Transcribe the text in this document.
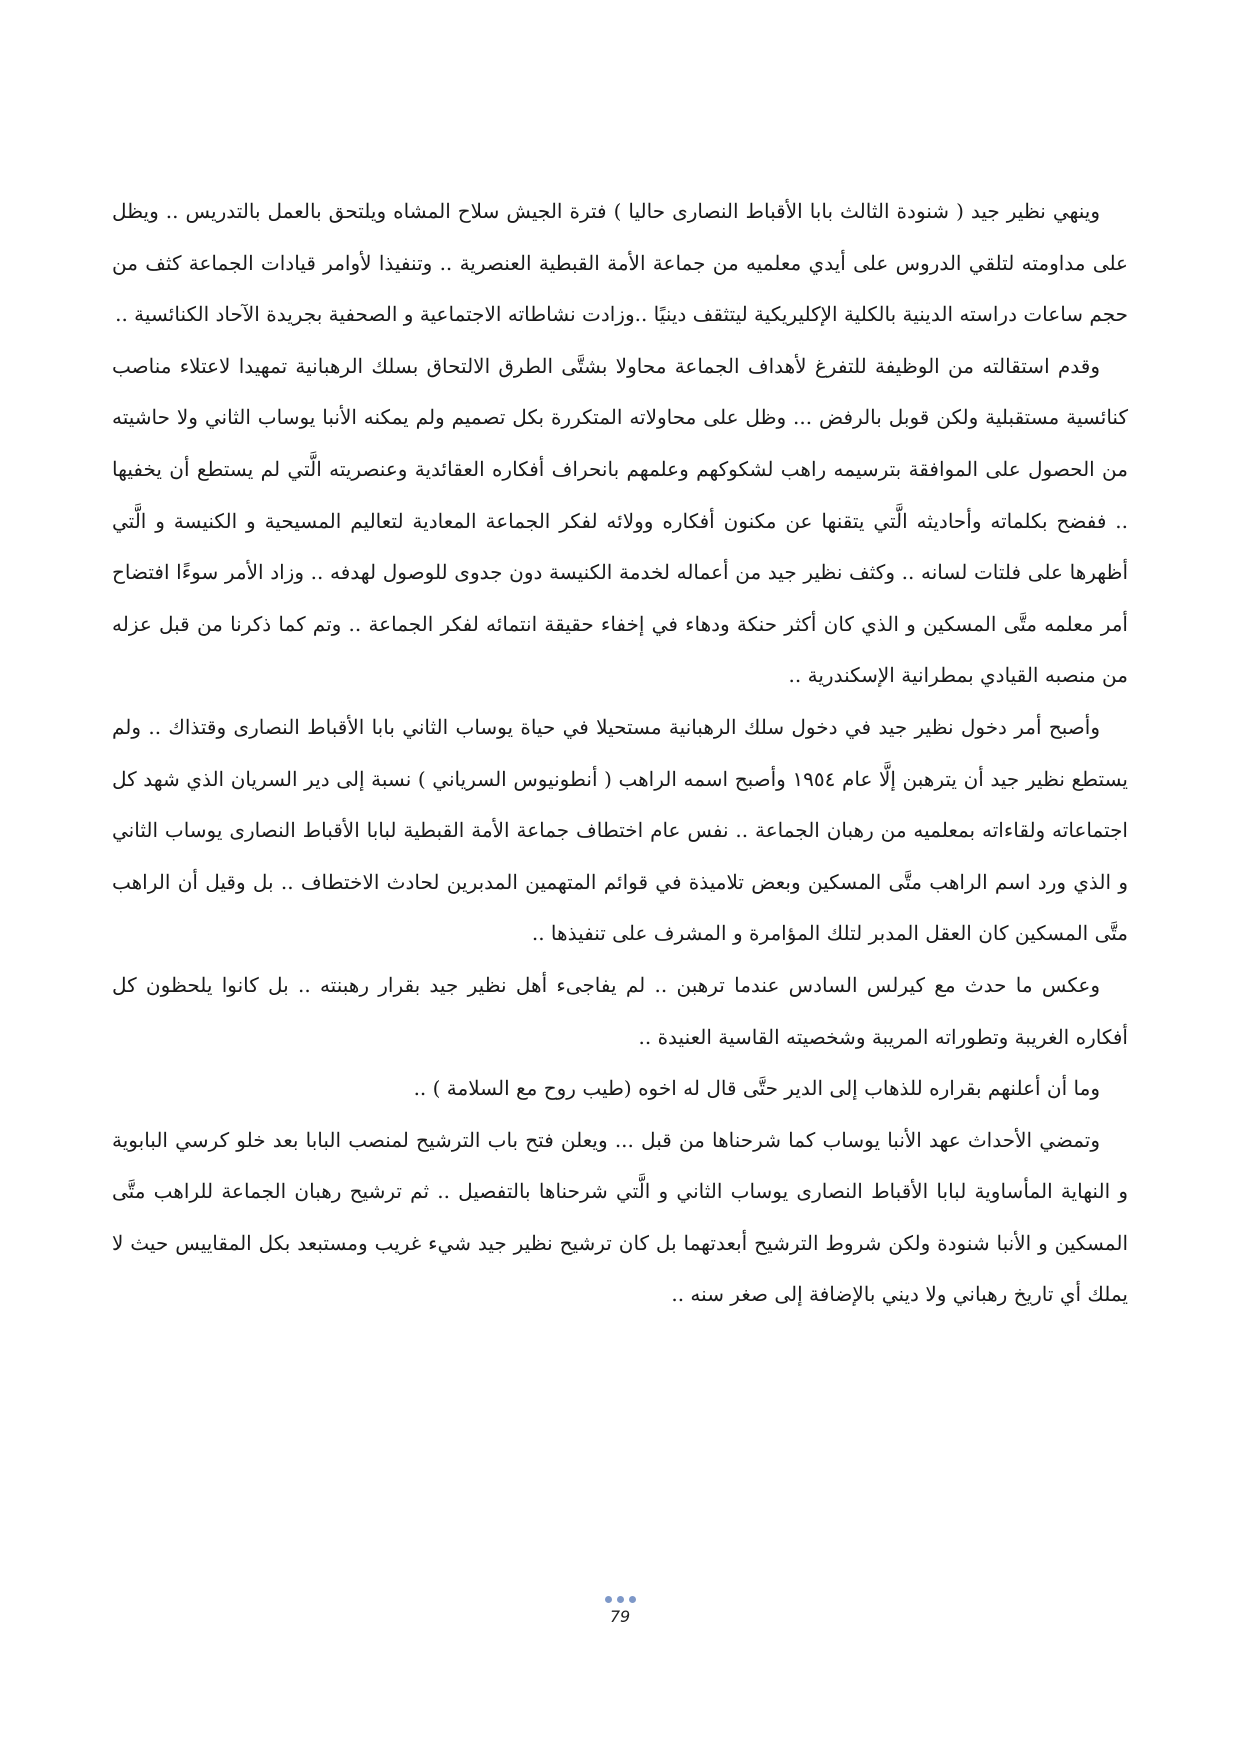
وينهي نظير جيد ( شنودة الثالث بابا الأقباط النصارى حاليا ) فترة الجيش سلاح المشاه ويلتحق بالعمل بالتدريس .. ويظل على مداومته لتلقي الدروس على أيدي معلميه من جماعة الأمة القبطية العنصرية .. وتنفيذا لأوامر قيادات الجماعة كثف من حجم ساعات دراسته الدينية بالكلية الإكليريكية ليتثقف دينيًا ..وزادت نشاطاته الاجتماعية و الصحفية بجريدة الآحاد الكنائسية ..

وقدم استقالته من الوظيفة للتفرغ لأهداف الجماعة محاولا بشتَّى الطرق الالتحاق بسلك الرهبانية تمهيدا لاعتلاء مناصب كنائسية مستقبلية ولكن قوبل بالرفض ... وظل على محاولاته المتكررة بكل تصميم ولم يمكنه الأنبا يوساب الثاني ولا حاشيته من الحصول على الموافقة بترسيمه راهب لشكوكهم وعلمهم بانحراف أفكاره العقائدية وعنصريته الَّتي لم يستطع أن يخفيها .. ففضح بكلماته وأحاديثه الَّتي يتقنها عن مكنون أفكاره وولائه لفكر الجماعة المعادية لتعاليم المسيحية و الكنيسة و الَّتي أظهرها على فلتات لسانه .. وكثف نظير جيد من أعماله لخدمة الكنيسة دون جدوى للوصول لهدفه .. وزاد الأمر سوءًا افتضاح أمر معلمه متَّى المسكين و الذي كان أكثر حنكة ودهاء في إخفاء حقيقة انتمائه لفكر الجماعة .. وتم كما ذكرنا من قبل عزله من منصبه القيادي بمطرانية الإسكندرية ..

وأصبح أمر دخول نظير جيد في دخول سلك الرهبانية مستحيلا في حياة يوساب الثاني بابا الأقباط النصارى وقتذاك .. ولم يستطع نظير جيد أن يترهبن إلَّا عام ١٩٥٤ وأصبح اسمه الراهب ( أنطونيوس السرياني ) نسبة إلى دير السريان الذي شهد كل اجتماعاته ولقاءاته بمعلميه من رهبان الجماعة .. نفس عام اختطاف جماعة الأمة القبطية لبابا الأقباط النصارى يوساب الثاني و الذي ورد اسم الراهب متَّى المسكين وبعض تلاميذة في قوائم المتهمين المدبرين لحادث الاختطاف .. بل وقيل أن الراهب متَّى المسكين كان العقل المدبر لتلك المؤامرة و المشرف على تنفيذها ..

وعكس ما حدث مع كيرلس السادس عندما ترهبن .. لم يفاجىء أهل نظير جيد بقرار رهبنته .. بل كانوا يلحظون كل أفكاره الغريبة وتطوراته المريبة وشخصيته القاسية العنيدة ..

وما أن أعلنهم بقراره للذهاب إلى الدير حتَّى قال له اخوه (طيب روح مع السلامة ) ..

وتمضي الأحداث عهد الأنبا يوساب كما شرحناها من قبل ... ويعلن فتح باب الترشيح لمنصب البابا بعد خلو كرسي البابوية و النهاية المأساوية لبابا الأقباط النصارى يوساب الثاني و الَّتي شرحناها بالتفصيل .. ثم ترشيح رهبان الجماعة للراهب متَّى المسكين و الأنبا شنودة ولكن شروط الترشيح أبعدتهما بل كان ترشيح نظير جيد شيء غريب ومستبعد بكل المقاييس حيث لا يملك أي تاريخ رهباني ولا ديني بالإضافة إلى صغر سنه ..

79
